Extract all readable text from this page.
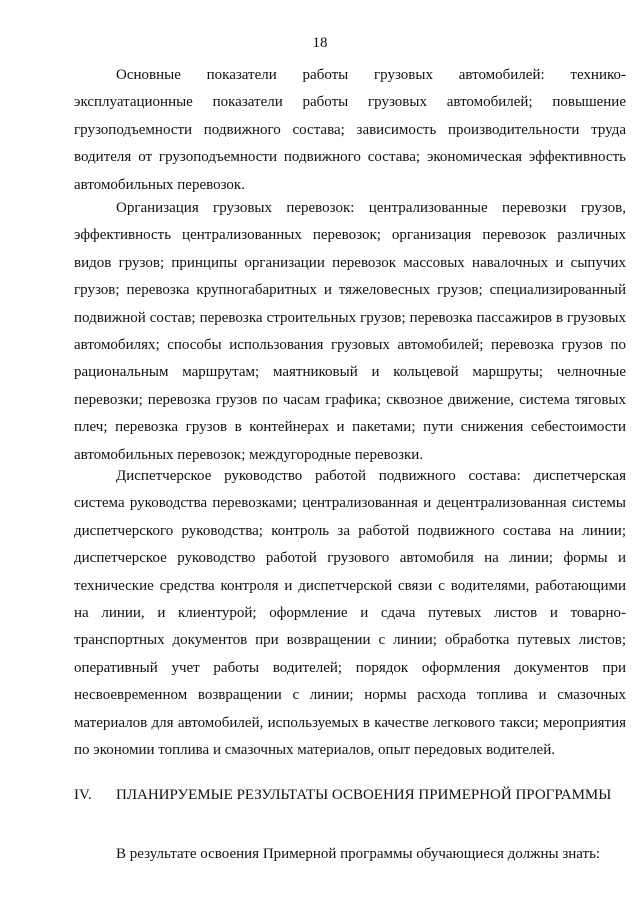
18

Основные показатели работы грузовых автомобилей: технико-эксплуатационные показатели работы грузовых автомобилей; повышение грузоподъемности подвижного состава; зависимость производительности труда водителя от грузоподъемности подвижного состава; экономическая эффективность автомобильных перевозок.

Организация грузовых перевозок: централизованные перевозки грузов, эффективность централизованных перевозок; организация перевозок различных видов грузов; принципы организации перевозок массовых навалочных и сыпучих грузов; перевозка крупногабаритных и тяжеловесных грузов; специализированный подвижной состав; перевозка строительных грузов; перевозка пассажиров в грузовых автомобилях; способы использования грузовых автомобилей; перевозка грузов по рациональным маршрутам; маятниковый и кольцевой маршруты; челночные перевозки; перевозка грузов по часам графика; сквозное движение, система тяговых плеч; перевозка грузов в контейнерах и пакетами; пути снижения себестоимости автомобильных перевозок; междугородные перевозки.

Диспетчерское руководство работой подвижного состава: диспетчерская система руководства перевозками; централизованная и децентрализованная системы диспетчерского руководства; контроль за работой подвижного состава на линии; диспетчерское руководство работой грузового автомобиля на линии; формы и технические средства контроля и диспетчерской связи с водителями, работающими на линии, и клиентурой; оформление и сдача путевых листов и товарно-транспортных документов при возвращении с линии; обработка путевых листов; оперативный учет работы водителей; порядок оформления документов при несвоевременном возвращении с линии; нормы расхода топлива и смазочных материалов для автомобилей, используемых в качестве легкового такси; мероприятия по экономии топлива и смазочных материалов, опыт передовых водителей.

IV. ПЛАНИРУЕМЫЕ РЕЗУЛЬТАТЫ ОСВОЕНИЯ ПРИМЕРНОЙ ПРОГРАММЫ
В результате освоения Примерной программы обучающиеся должны знать:
